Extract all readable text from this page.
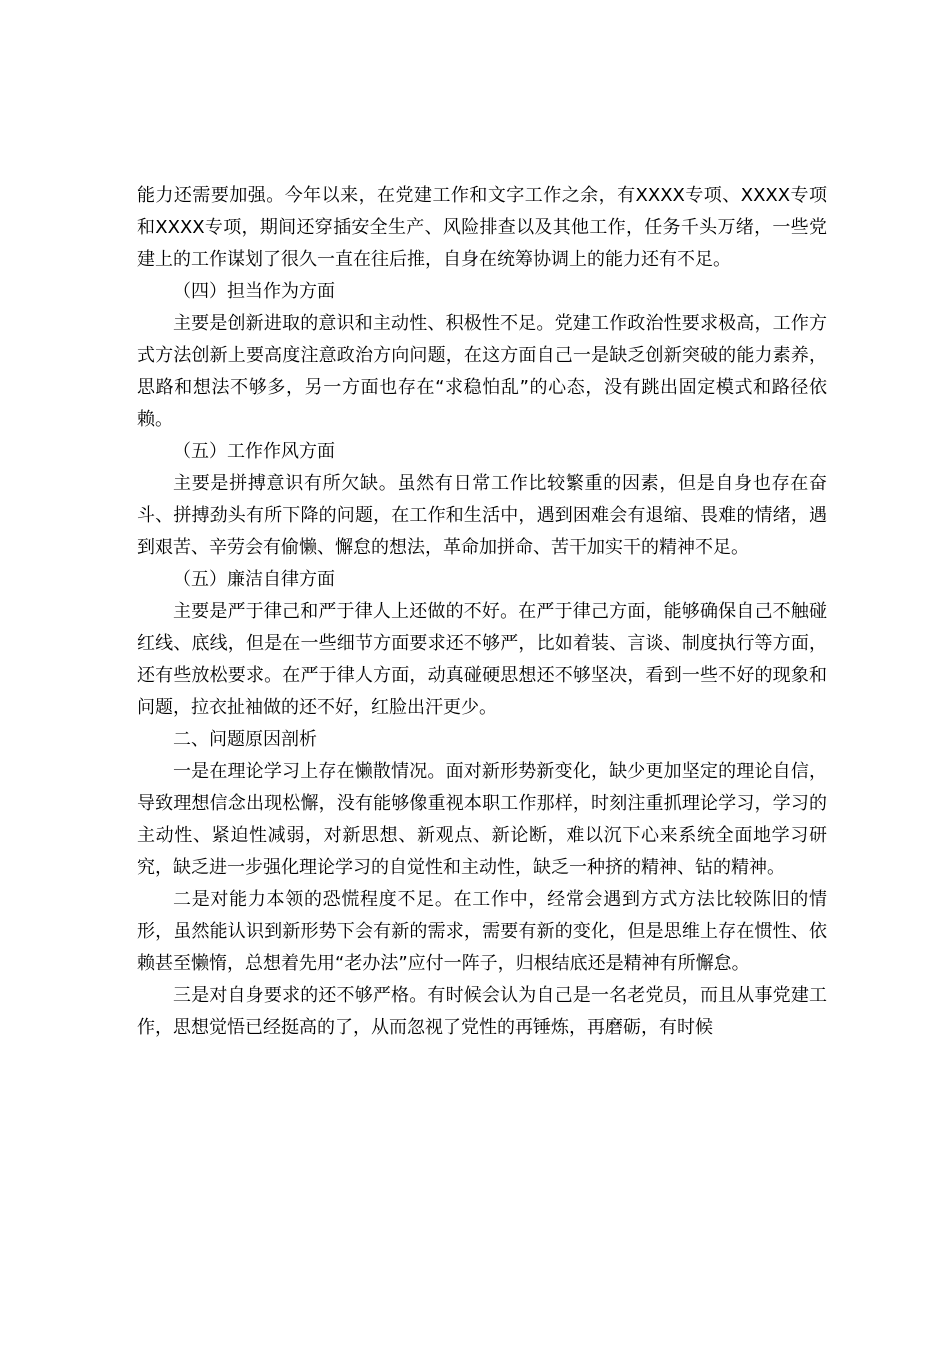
能力还需要加强。今年以来，在党建工作和文字工作之余，有XXXX专项、XXXX专项和XXXX专项，期间还穿插安全生产、风险排查以及其他工作，任务千头万绪，一些党建上的工作谋划了很久一直在往后推，自身在统筹协调上的能力还有不足。

（四）担当作为方面

主要是创新进取的意识和主动性、积极性不足。党建工作政治性要求极高，工作方式方法创新上要高度注意政治方向问题，在这方面自己一是缺乏创新突破的能力素养，思路和想法不够多，另一方面也存在“求稳怕乱”的心态，没有跳出固定模式和路径依赖。

（五）工作作风方面

主要是拼搏意识有所欠缺。虽然有日常工作比较繁重的因素，但是自身也存在奋斗、拼搏劲头有所下降的问题，在工作和生活中，遇到困难会有退缩、畏难的情绪，遇到艰苦、辛劳会有偷懒、懈怠的想法，革命加拼命、苦干加实干的精神不足。

（五）廉洁自律方面

主要是严于律己和严于律人上还做的不好。在严于律己方面，能够确保自己不触碰红线、底线，但是在一些细节方面要求还不够严，比如着装、言谈、制度执行等方面，还有些放松要求。在严于律人方面，动真碰硬思想还不够坚决，看到一些不好的现象和问题，拉衣扯袖做的还不好，红脸出汗更少。

二、问题原因剖析

一是在理论学习上存在懒散情况。面对新形势新变化，缺少更加坚定的理论自信，导致理想信念出现松懈，没有能够像重视本职工作那样，时刻注重抓理论学习，学习的主动性、紧迫性减弱，对新思想、新观点、新论断，难以沉下心来系统全面地学习研究，缺乏进一步强化理论学习的自觉性和主动性，缺乏一种挤的精神、钻的精神。

二是对能力本领的恐慌程度不足。在工作中，经常会遇到方式方法比较陈旧的情形，虽然能认识到新形势下会有新的需求，需要有新的变化，但是思维上存在惯性、依赖甚至懒惰，总想着先用“老办法”应付一阵子，归根结底还是精神有所懈怠。

三是对自身要求的还不够严格。有时候会认为自己是一名老党员，而且从事党建工作，思想觉悟已经挺高的了，从而忽视了党性的再锤炼，再磨砺，有时候
